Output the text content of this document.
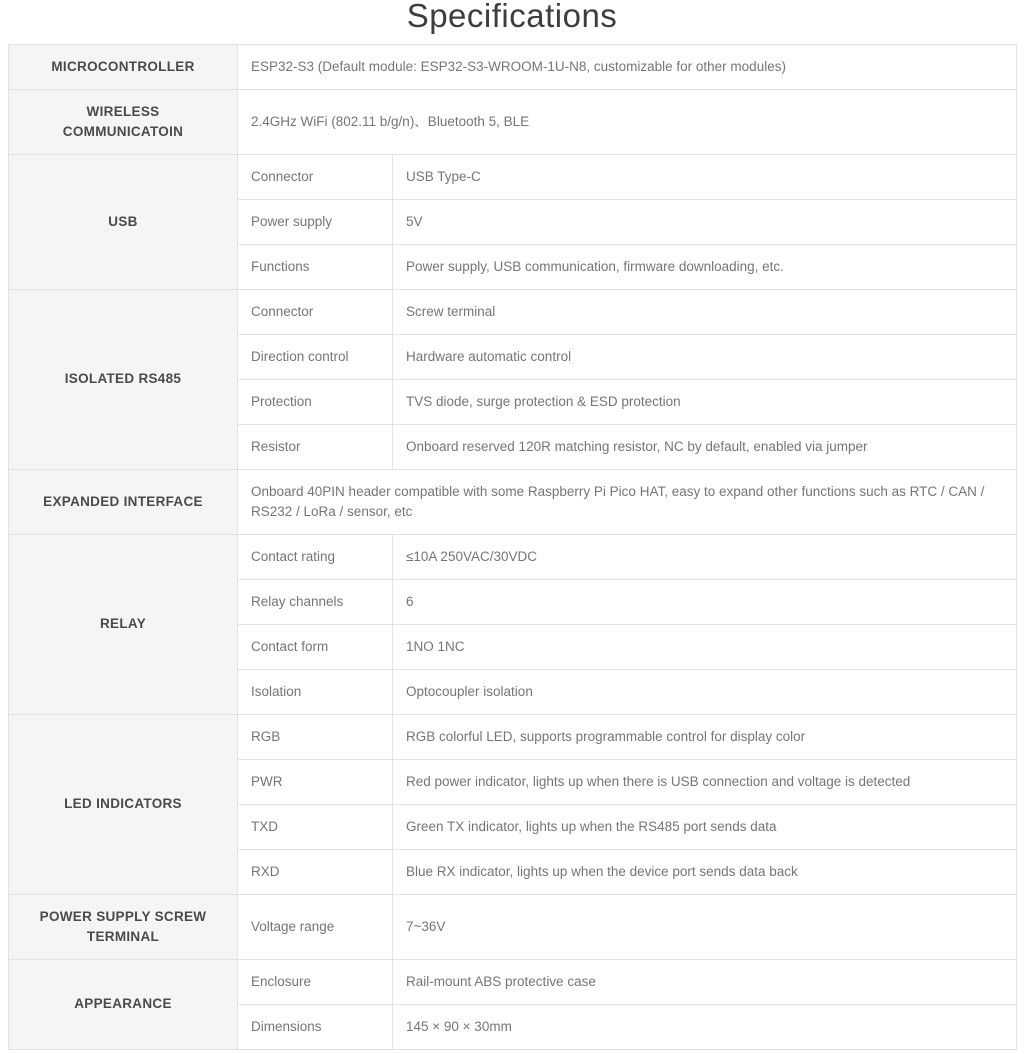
Specifications
MICROCONTROLLER	ESP32-S3 (Default module: ESP32-S3-WROOM-1U-N8, customizable for other modules)	
WIRELESS COMMUNICATOIN	2.4GHz WiFi (802.11 b/g/n)、Bluetooth 5, BLE	
USB	Connector	USB Type-C
	Power supply	5V
	Functions	Power supply, USB communication, firmware downloading, etc.
ISOLATED RS485	Connector	Screw terminal
	Direction control	Hardware automatic control
	Protection	TVS diode, surge protection & ESD protection
	Resistor	Onboard reserved 120R matching resistor, NC by default, enabled via jumper
EXPANDED INTERFACE	Onboard 40PIN header compatible with some Raspberry Pi Pico HAT, easy to expand other functions such as RTC / CAN / RS232 / LoRa / sensor, etc	
RELAY	Contact rating	≤10A 250VAC/30VDC
	Relay channels	6
	Contact form	1NO 1NC
	Isolation	Optocoupler isolation
LED INDICATORS	RGB	RGB colorful LED, supports programmable control for display color
	PWR	Red power indicator, lights up when there is USB connection and voltage is detected
	TXD	Green TX indicator, lights up when the RS485 port sends data
	RXD	Blue RX indicator, lights up when the device port sends data back
POWER SUPPLY SCREW TERMINAL	Voltage range	7~36V
APPEARANCE	Enclosure	Rail-mount ABS protective case
	Dimensions	145 × 90 × 30mm
